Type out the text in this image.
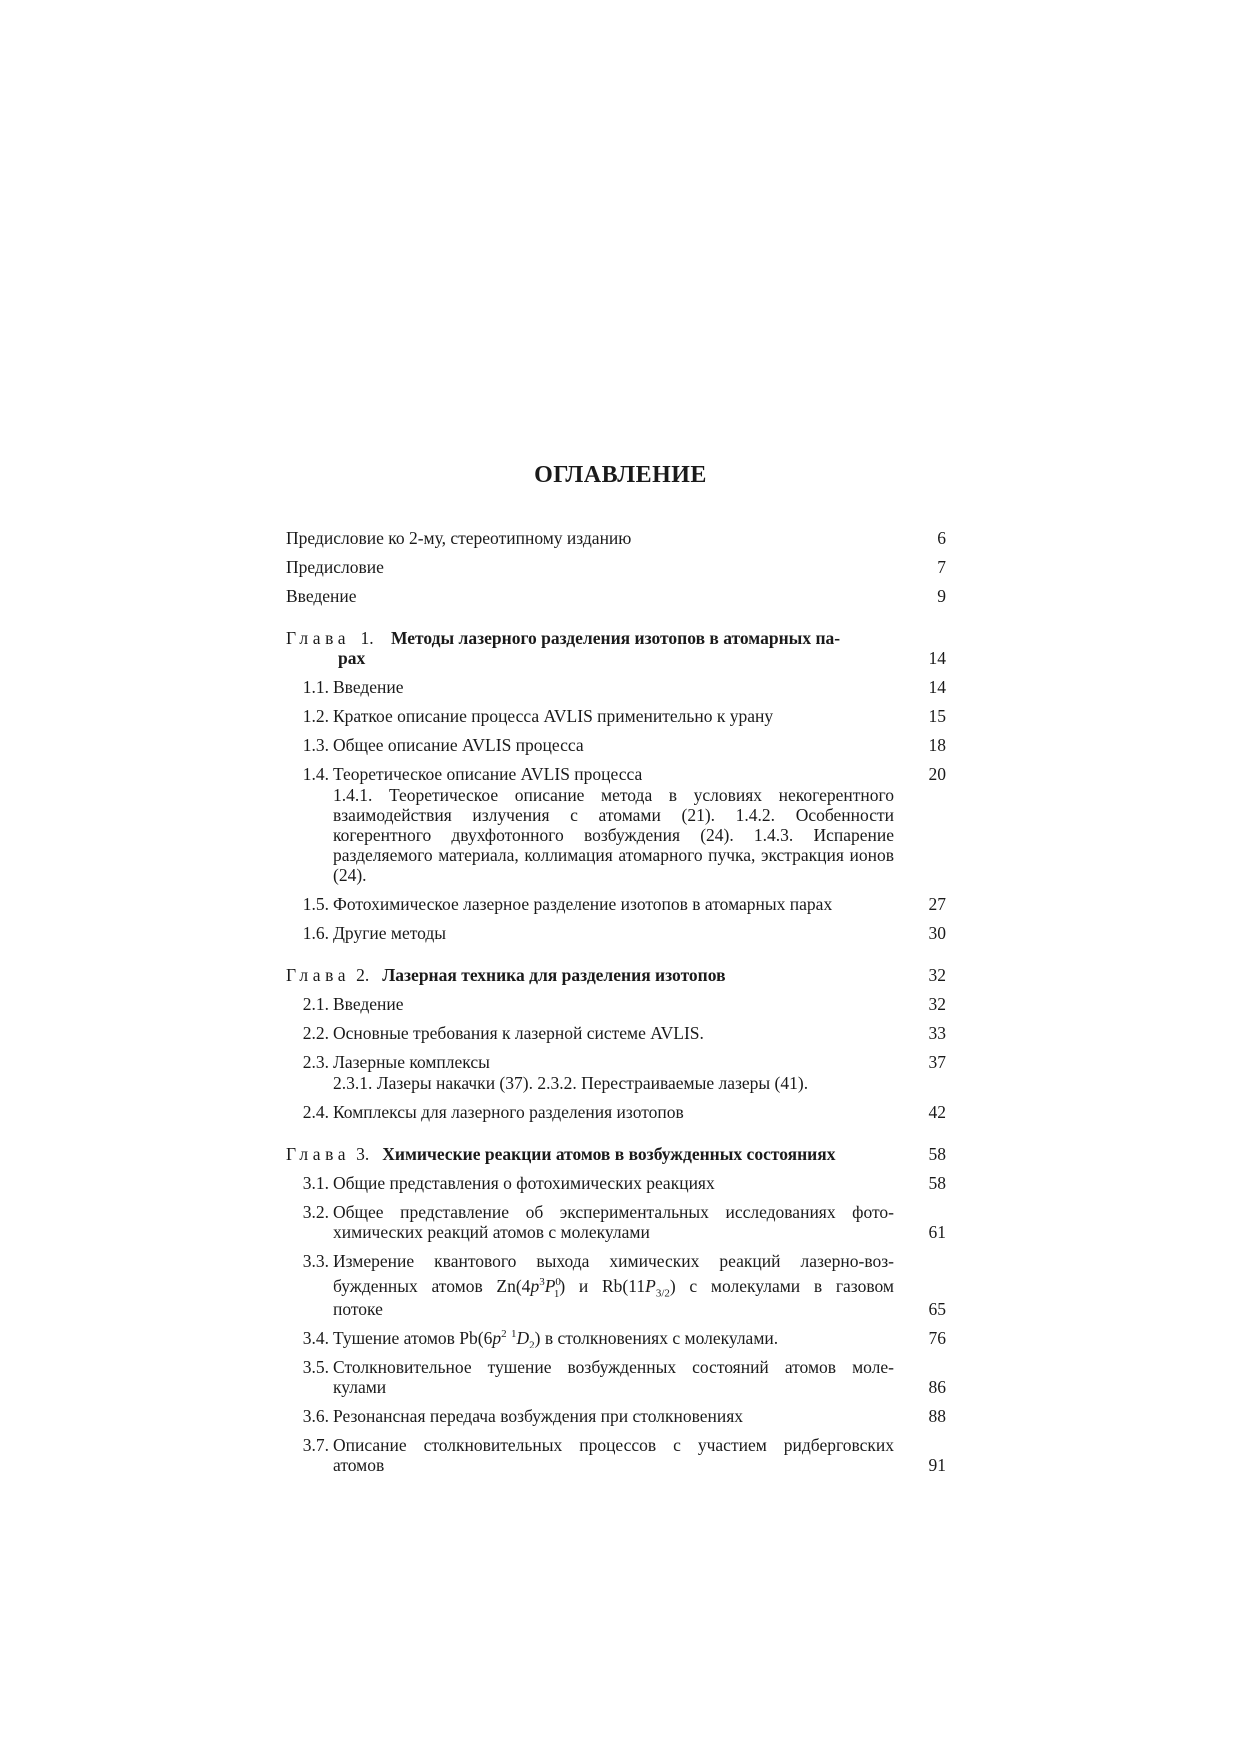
ОГЛАВЛЕНИЕ
Предисловие ко 2-му, стереотипному изданию . . .	6
Предисловие . . .	7
Введение . . .	9
Глава 1. Методы лазерного разделения изотопов в атомарных па-
рах . . .	14
1.1. Введение . . .	14
1.2. Краткое описание процесса AVLIS применительно к урану . . .	15
1.3. Общее описание AVLIS процесса . . .	18
1.4. Теоретическое описание AVLIS процесса . . .	20
1.4.1. Теоретическое описание метода в условиях некогерентного взаимодействия излучения с атомами (21). 1.4.2. Особенности когерентного двухфотонного возбуждения (24). 1.4.3. Испарение разделяемого материала, коллимация атомарного пучка, экстракция ионов (24).
1.5. Фотохимическое лазерное разделение изотопов в атомарных парах	27
1.6. Другие методы . . .	30
Глава 2. Лазерная техника для разделения изотопов . . .	32
2.1. Введение . . .	32
2.2. Основные требования к лазерной системе AVLIS. . . .	33
2.3. Лазерные комплексы . . .	37
2.3.1. Лазеры накачки (37). 2.3.2. Перестраиваемые лазеры (41).
2.4. Комплексы для лазерного разделения изотопов . . .	42
Глава 3. Химические реакции атомов в возбужденных состояниях	58
3.1. Общие представления о фотохимических реакциях . . .	58
3.2. Общее представление об экспериментальных исследованиях фото-
химических реакций атомов с молекулами . . .	61
3.3. Измерение квантового выхода химических реакций лазерно-воз-
бужденных атомов $Zn(4p^3P^0_1)$ и $Rb(11P_{3/2})$ с молекулами в газовом
потоке . . .	65
3.4. Тушение атомов $Pb(6p^2$ $^1D_2$) в столкновениях с молекулами. . . .	76
3.5. Столкновительное тушение возбужденных состояний атомов моле-
кулами . . .	86
3.6. Резонансная передача возбуждения при столкновениях . . .	88
3.7. Описание столкновительных процессов с участием ридберговских
атомов . . .	91
